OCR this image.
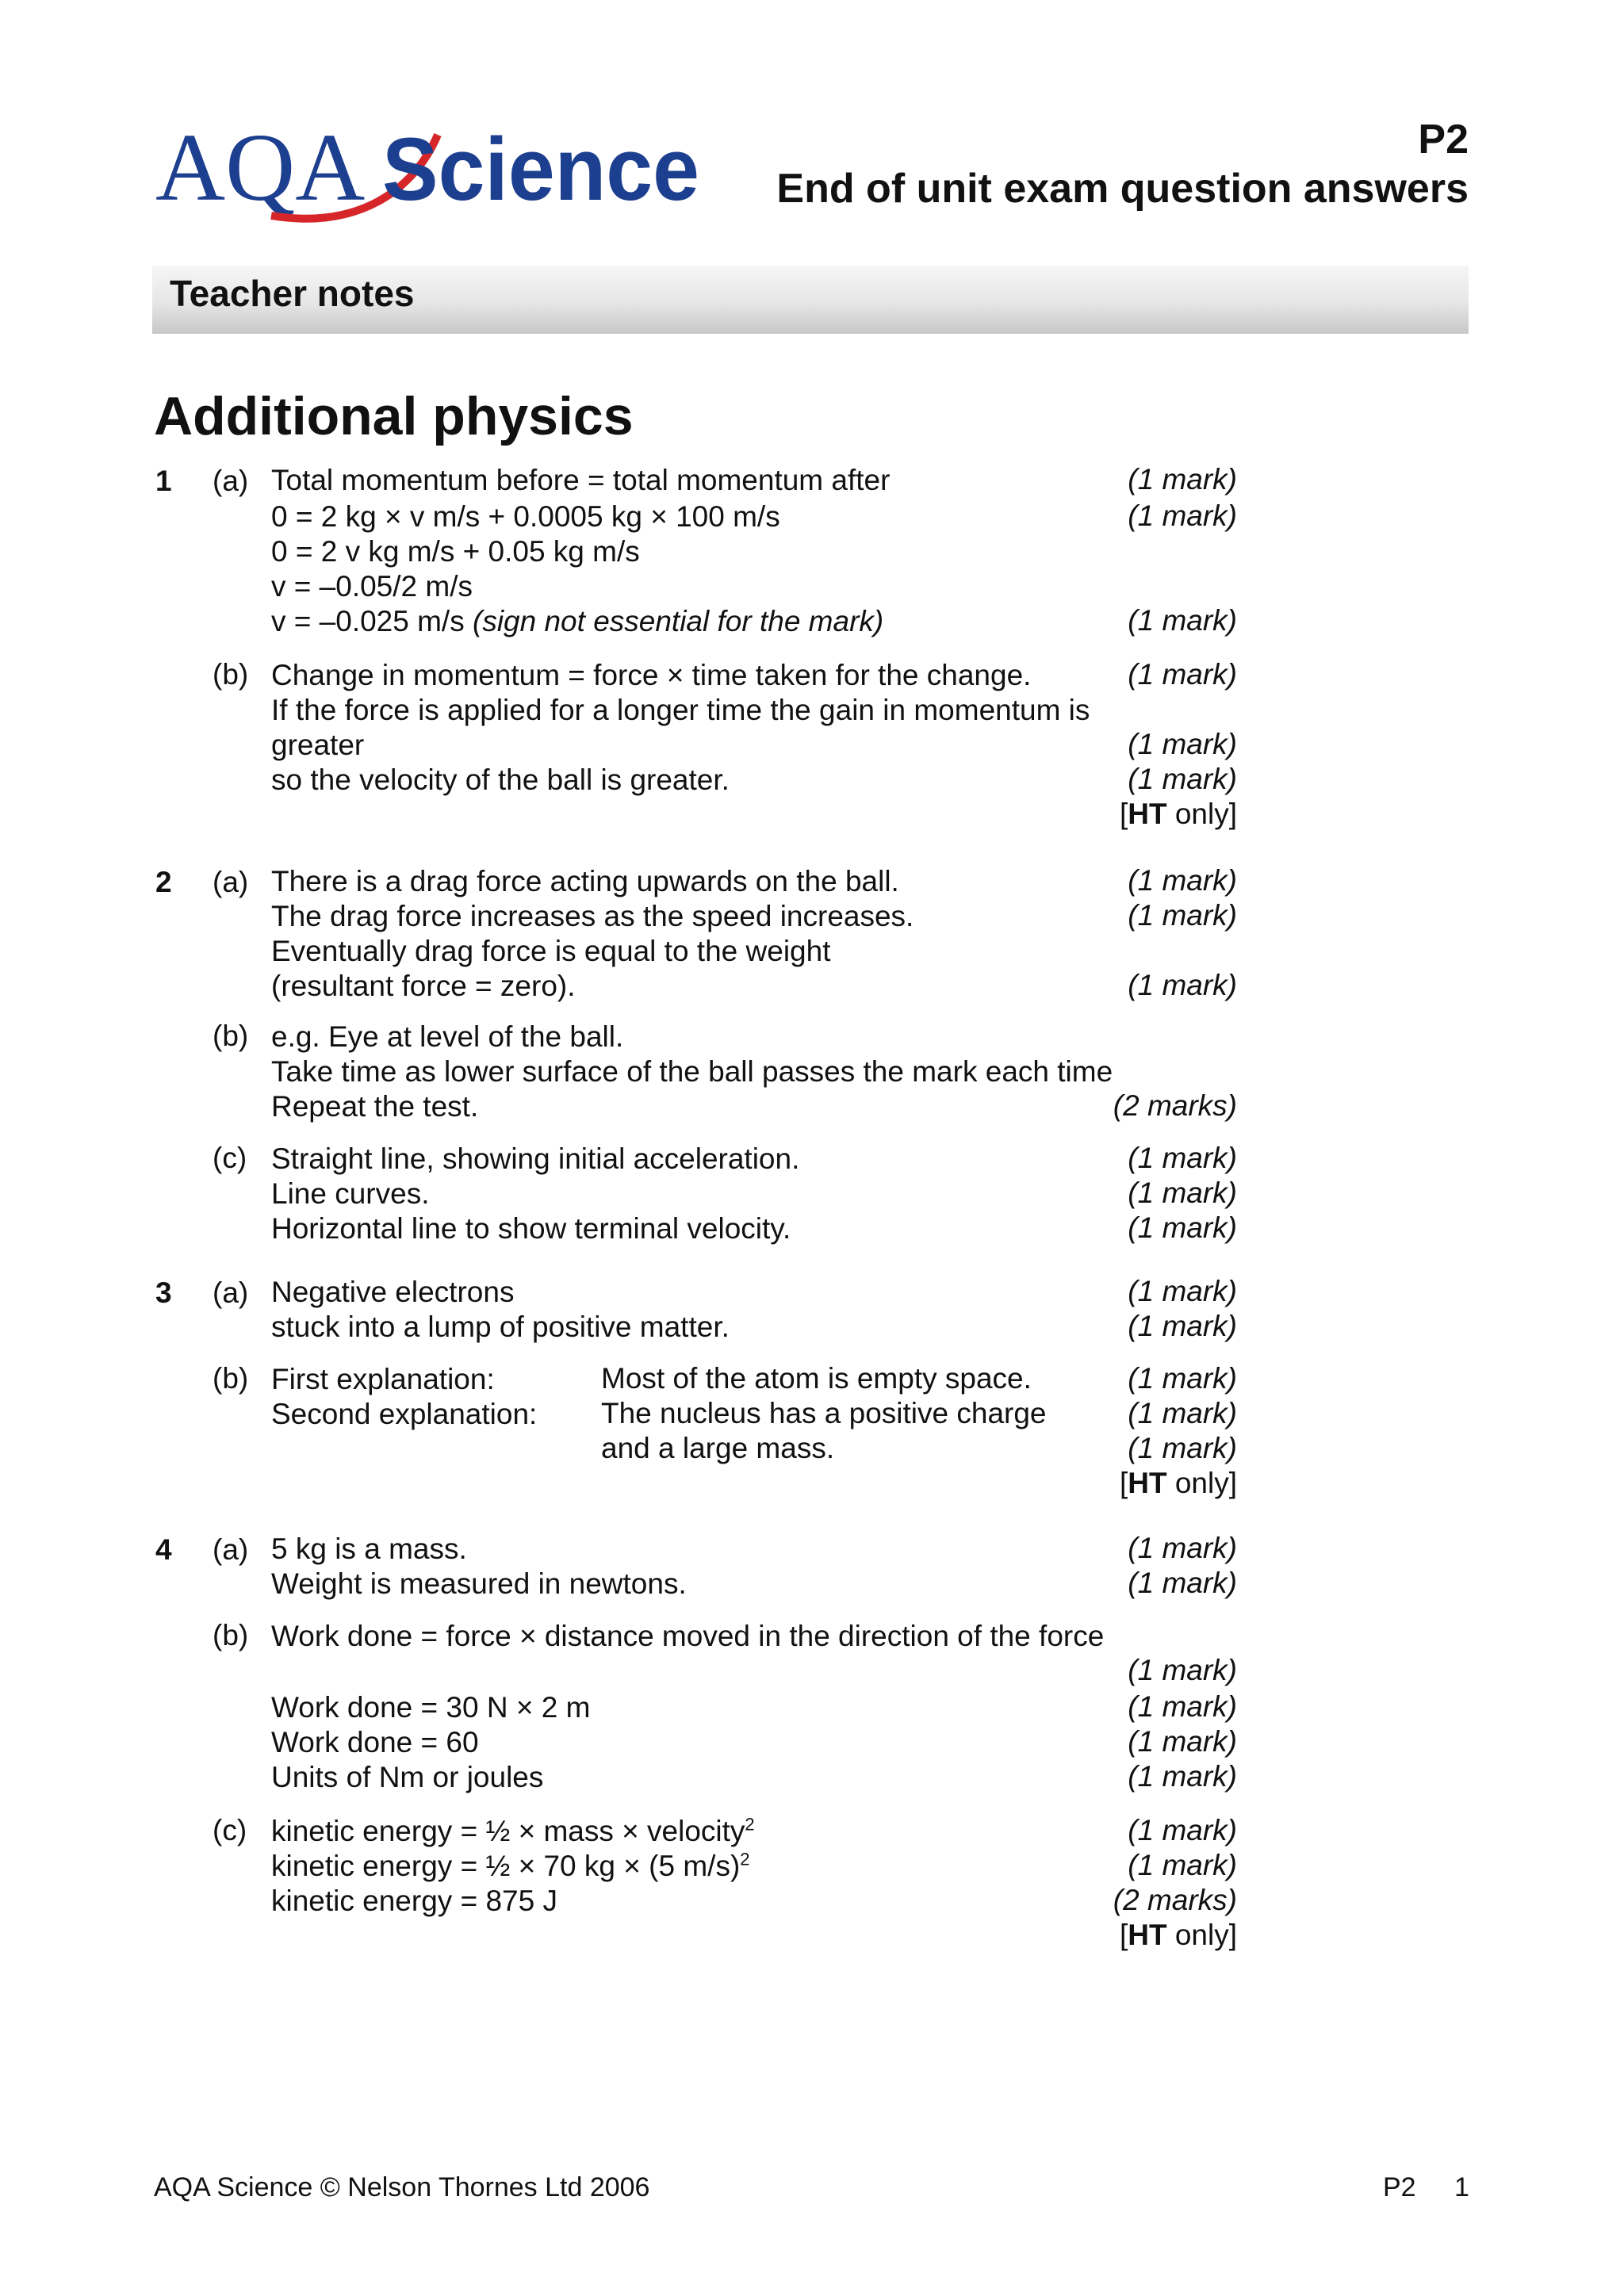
AQA Science	P2
End of unit exam question answers
Teacher notes
Additional physics
1 (a) Total momentum before = total momentum after	(1 mark)
0 = 2 kg × v m/s + 0.0005 kg × 100 m/s	(1 mark)
0 = 2 v kg m/s + 0.05 kg m/s
v = –0.05/2 m/s
v = –0.025 m/s (sign not essential for the mark)	(1 mark)
(b) Change in momentum = force × time taken for the change.	(1 mark)
If the force is applied for a longer time the gain in momentum is
greater	(1 mark)
so the velocity of the ball is greater.	(1 mark)
[HT only]
2 (a) There is a drag force acting upwards on the ball.	(1 mark)
The drag force increases as the speed increases.	(1 mark)
Eventually drag force is equal to the weight
(resultant force = zero).	(1 mark)
(b) e.g. Eye at level of the ball.
Take time as lower surface of the ball passes the mark each time
Repeat the test.	(2 marks)
(c) Straight line, showing initial acceleration.	(1 mark)
Line curves.	(1 mark)
Horizontal line to show terminal velocity.	(1 mark)
3 (a) Negative electrons	(1 mark)
stuck into a lump of positive matter.	(1 mark)
(b) First explanation:	Most of the atom is empty space.	(1 mark)
Second explanation: The nucleus has a positive charge	(1 mark)
and a large mass.	(1 mark)
[HT only]
4 (a) 5 kg is a mass.	(1 mark)
Weight is measured in newtons.	(1 mark)
(b) Work done = force × distance moved in the direction of the force
(1 mark)
Work done = 30 N × 2 m	(1 mark)
Work done = 60	(1 mark)
Units of Nm or joules	(1 mark)
(c) kinetic energy = ½ × mass × velocity$^2$	(1 mark)
kinetic energy = ½ × 70 kg × (5 m/s)$^2$	(1 mark)
kinetic energy = 875 J	(2 marks)
[HT only]
AQA Science © Nelson Thornes Ltd 2006	P2 1
